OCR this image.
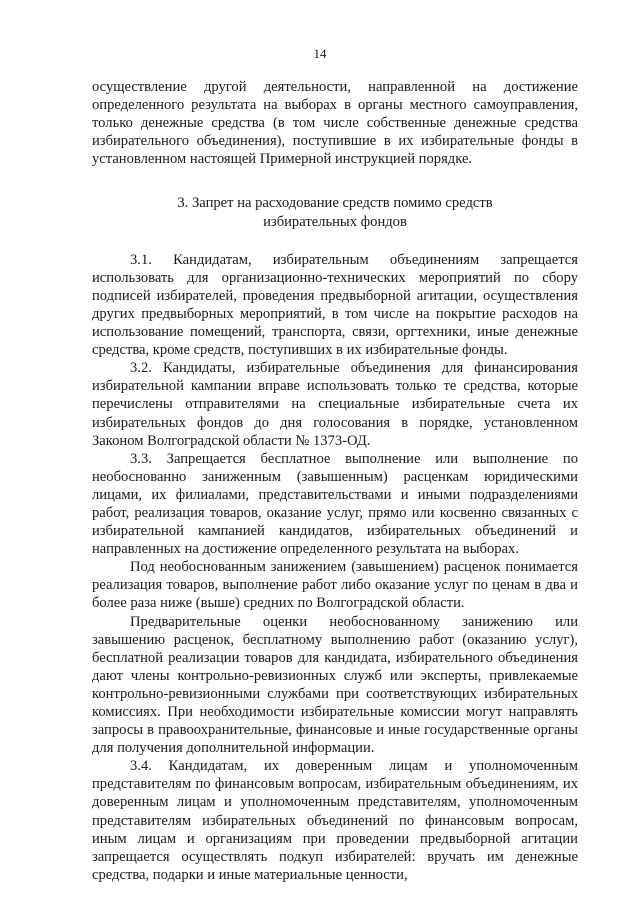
14

осуществление другой деятельности, направленной на достижение определенного результата на выборах в органы местного самоуправления, только денежные средства (в том числе собственные денежные средства избирательного объединения), поступившие в их избирательные фонды в установленном настоящей Примерной инструкцией порядке.

3. Запрет на расходование средств помимо средств
избирательных фондов

3.1. Кандидатам, избирательным объединениям запрещается использовать для организационно-технических мероприятий по сбору подписей избирателей, проведения предвыборной агитации, осуществления других предвыборных мероприятий, в том числе на покрытие расходов на использование помещений, транспорта, связи, оргтехники, иные денежные средства, кроме средств, поступивших в их избирательные фонды.

3.2. Кандидаты, избирательные объединения для финансирования избирательной кампании вправе использовать только те средства, которые перечислены отправителями на специальные избирательные счета их избирательных фондов до дня голосования в порядке, установленном Законом Волгоградской области № 1373-ОД.

3.3. Запрещается бесплатное выполнение или выполнение по необоснованно заниженным (завышенным) расценкам юридическими лицами, их филиалами, представительствами и иными подразделениями работ, реализация товаров, оказание услуг, прямо или косвенно связанных с избирательной кампанией кандидатов, избирательных объединений и направленных на достижение определенного результата на выборах.

Под необоснованным занижением (завышением) расценок понимается реализация товаров, выполнение работ либо оказание услуг по ценам в два и более раза ниже (выше) средних по Волгоградской области.

Предварительные оценки необоснованному занижению или завышению расценок, бесплатному выполнению работ (оказанию услуг), бесплатной реализации товаров для кандидата, избирательного объединения дают члены контрольно-ревизионных служб или эксперты, привлекаемые контрольно-ревизионными службами при соответствующих избирательных комиссиях. При необходимости избирательные комиссии могут направлять запросы в правоохранительные, финансовые и иные государственные органы для получения дополнительной информации.

3.4. Кандидатам, их доверенным лицам и уполномоченным представителям по финансовым вопросам, избирательным объединениям, их доверенным лицам и уполномоченным представителям, уполномоченным представителям избирательных объединений по финансовым вопросам, иным лицам и организациям при проведении предвыборной агитации запрещается осуществлять подкуп избирателей: вручать им денежные средства, подарки и иные материальные ценности,
